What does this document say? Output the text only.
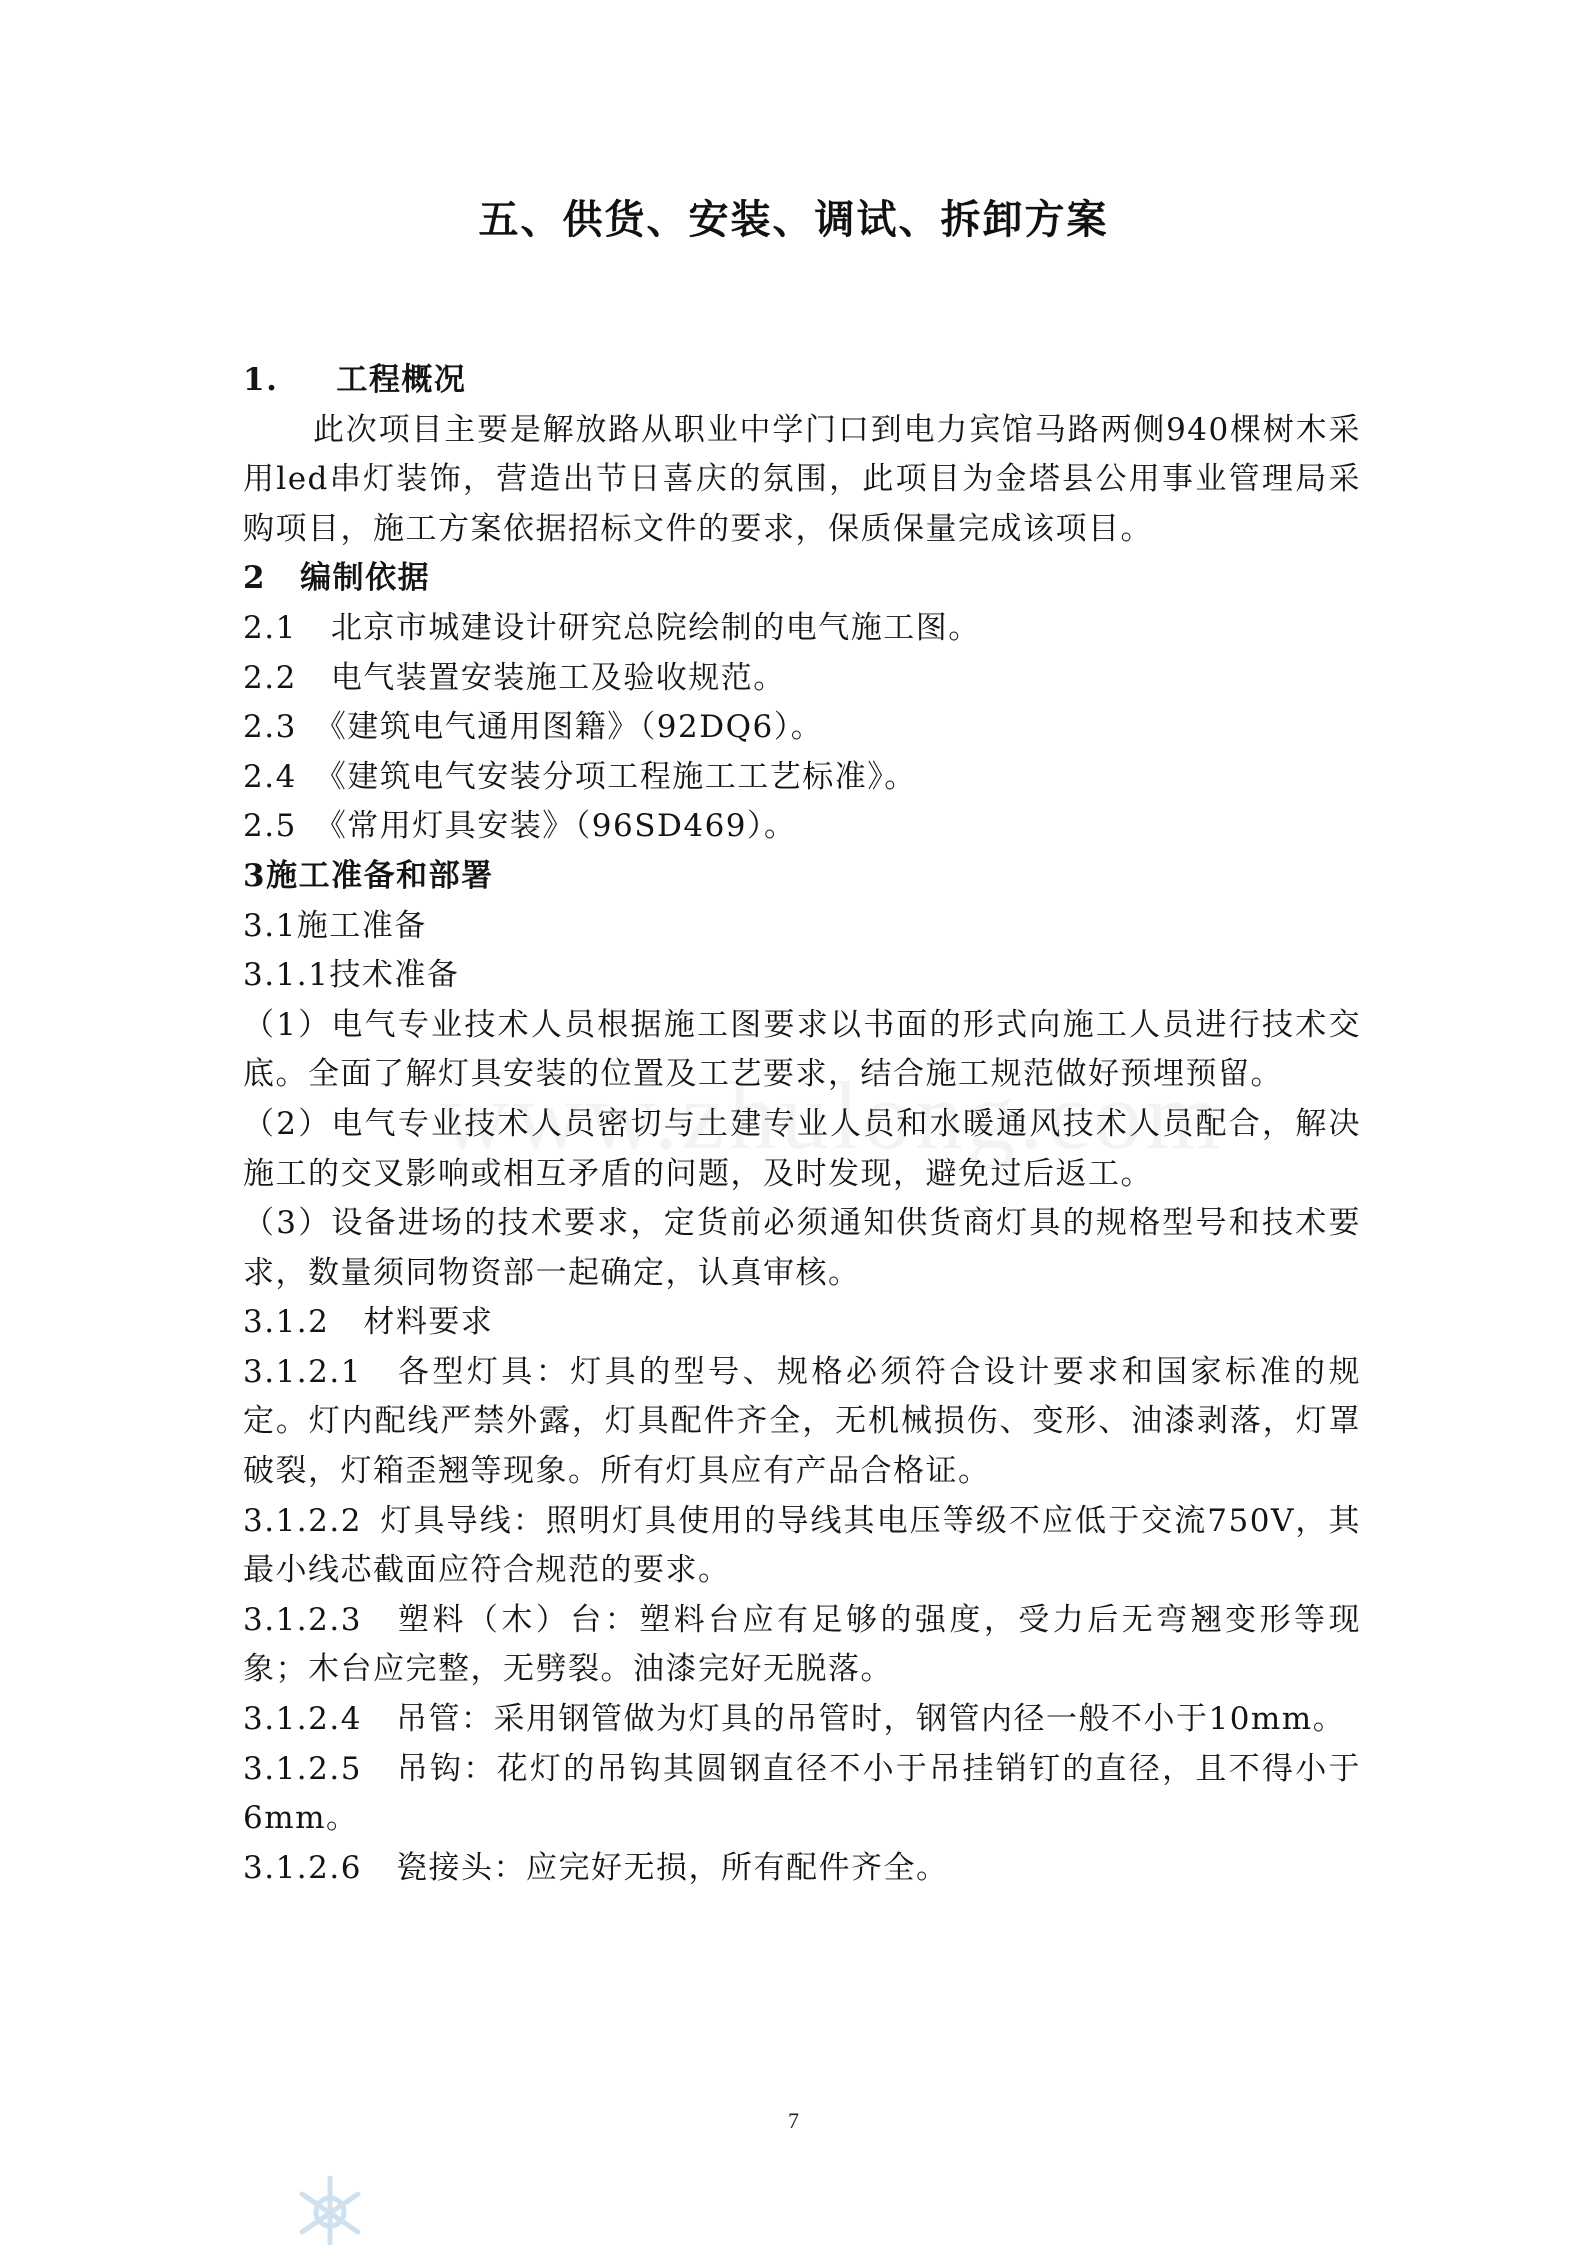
五、供货、安装、调试、拆卸方案

1. 工程概况

此次项目主要是解放路从职业中学门口到电力宾馆马路两侧940棵树木采用led串灯装饰，营造出节日喜庆的氛围，此项目为金塔县公用事业管理局采购项目，施工方案依据招标文件的要求，保质保量完成该项目。

2 编制依据

2.1 北京市城建设计研究总院绘制的电气施工图。

2.2 电气装置安装施工及验收规范。

2.3 《建筑电气通用图籍》（92DQ6）。

2.4 《建筑电气安装分项工程施工工艺标准》。

2.5 《常用灯具安装》（96SD469）。

3施工准备和部署

3.1施工准备

3.1.1技术准备

（1）电气专业技术人员根据施工图要求以书面的形式向施工人员进行技术交底。全面了解灯具安装的位置及工艺要求，结合施工规范做好预埋预留。

（2）电气专业技术人员密切与土建专业人员和水暖通风技术人员配合，解决施工的交叉影响或相互矛盾的问题，及时发现，避免过后返工。

（3）设备进场的技术要求，定货前必须通知供货商灯具的规格型号和技术要求，数量须同物资部一起确定，认真审核。

3.1.2 材料要求

3.1.2.1 各型灯具：灯具的型号、规格必须符合设计要求和国家标准的规定。灯内配线严禁外露，灯具配件齐全，无机械损伤、变形、油漆剥落，灯罩破裂，灯箱歪翘等现象。所有灯具应有产品合格证。

3.1.2.2 灯具导线：照明灯具使用的导线其电压等级不应低于交流750V，其最小线芯截面应符合规范的要求。

3.1.2.3 塑料（木）台：塑料台应有足够的强度，受力后无弯翘变形等现象；木台应完整，无劈裂。油漆完好无脱落。

3.1.2.4 吊管：采用钢管做为灯具的吊管时，钢管内径一般不小于10mm。

3.1.2.5 吊钩：花灯的吊钩其圆钢直径不小于吊挂销钉的直径，且不得小于6mm。

3.1.2.6 瓷接头：应完好无损，所有配件齐全。

7
